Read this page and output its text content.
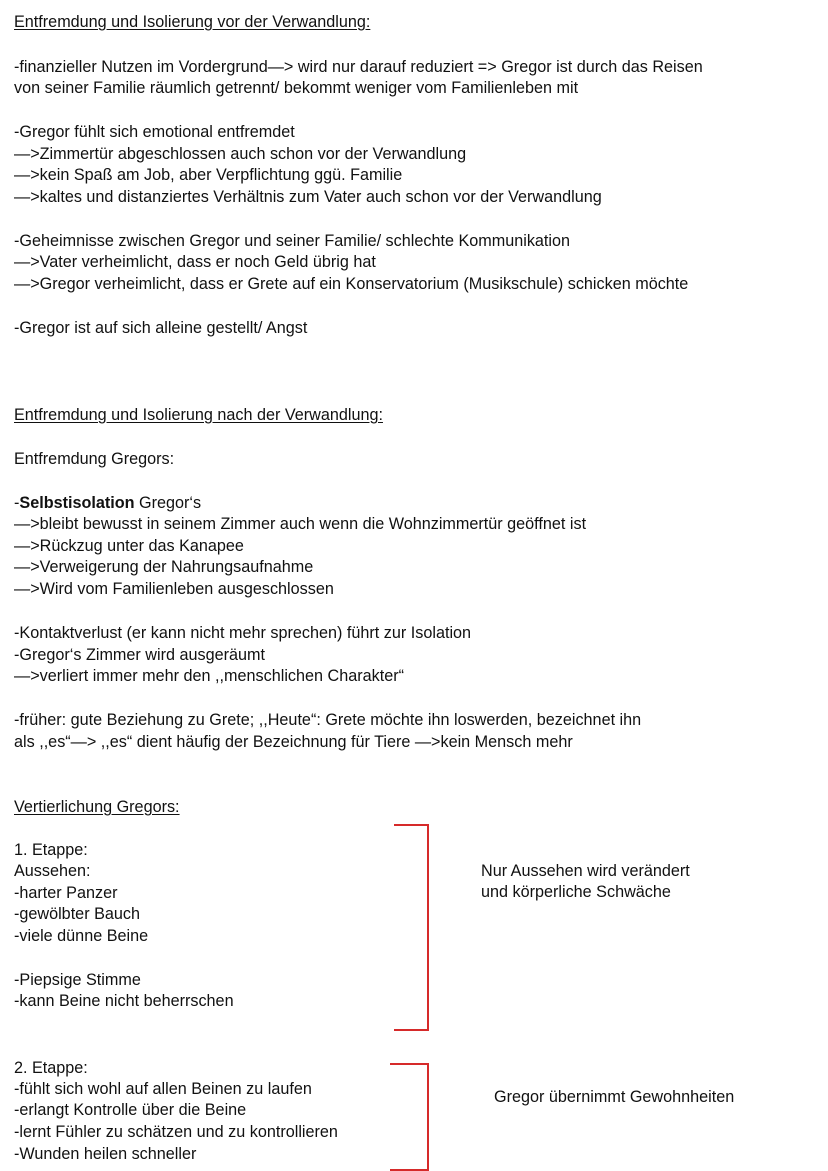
Entfremdung und Isolierung vor der Verwandlung:
-finanzieller Nutzen im Vordergrund—> wird nur darauf reduziert => Gregor ist durch das Reisen
von seiner Familie räumlich getrennt/ bekommt weniger vom Familienleben mit
-Gregor fühlt sich emotional entfremdet
—>Zimmertür abgeschlossen auch schon vor der Verwandlung
—>kein Spaß am Job, aber Verpflichtung ggü. Familie
—>kaltes und distanziertes Verhältnis zum Vater auch schon vor der Verwandlung
-Geheimnisse zwischen Gregor und seiner Familie/ schlechte Kommunikation
—>Vater verheimlicht, dass er noch Geld übrig hat
—>Gregor verheimlicht, dass er Grete auf ein Konservatorium (Musikschule) schicken möchte
-Gregor ist auf sich alleine gestellt/ Angst
Entfremdung und Isolierung nach der Verwandlung:
Entfremdung Gregors:
-Selbstisolation Gregor‘s
—>bleibt bewusst in seinem Zimmer auch wenn die Wohnzimmertür geöffnet ist
—>Rückzug unter das Kanapee
—>Verweigerung der Nahrungsaufnahme
—>Wird vom Familienleben ausgeschlossen
-Kontaktverlust (er kann nicht mehr sprechen) führt zur Isolation
-Gregor‘s Zimmer wird ausgeräumt
—>verliert immer mehr den ,,menschlichen Charakter“
-früher: gute Beziehung zu Grete; ,,Heute“: Grete möchte ihn loswerden, bezeichnet ihn
als ,,es“—> ,,es“ dient häufig der Bezeichnung für Tiere —>kein Mensch mehr
Vertierlichung Gregors:
1. Etappe:
Aussehen:
-harter Panzer
-gewölbter Bauch
-viele dünne Beine
-Piepsige Stimme
-kann Beine nicht beherrschen
Nur Aussehen wird verändert
und körperliche Schwäche
2. Etappe:
-fühlt sich wohl auf allen Beinen zu laufen
-erlangt Kontrolle über die Beine
-lernt Fühler zu schätzen und zu kontrollieren
-Wunden heilen schneller
Gregor übernimmt Gewohnheiten
